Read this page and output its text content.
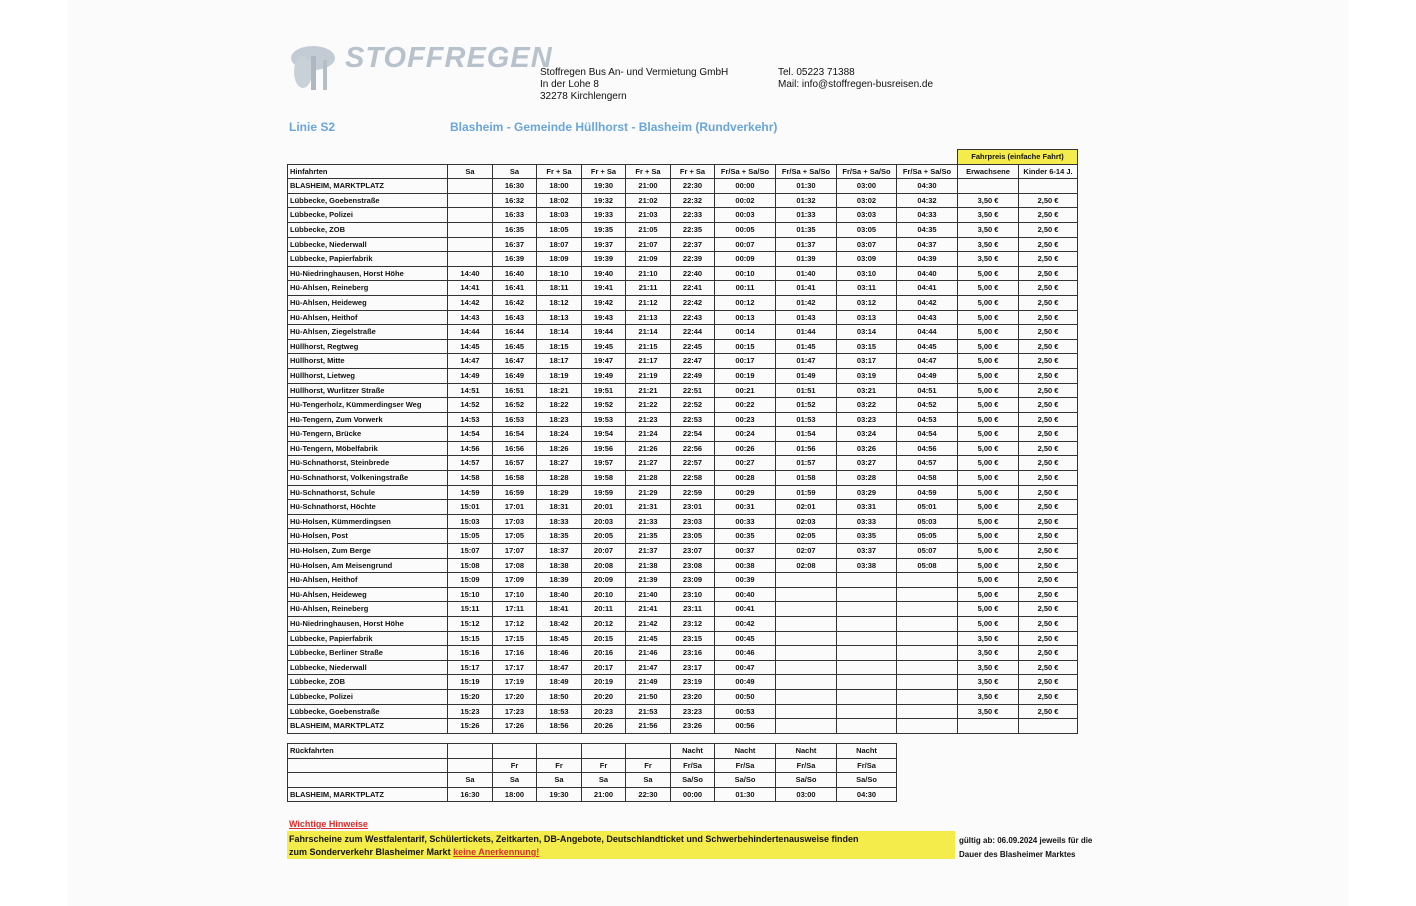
STOFFREGEN
Stoffregen Bus An- und Vermietung GmbH
In der Lohe 8
32278 Kirchlengern
Tel. 05223 71388
Mail: info@stoffregen-busreisen.de
Linie S2	Blasheim - Gemeinde Hüllhorst - Blasheim (Rundverkehr)
											Fahrpreis (einfache Fahrt)	
Hinfahrten	Sa	Sa	Fr + Sa	Fr + Sa	Fr + Sa	Fr + Sa	Fr/Sa + Sa/So	Fr/Sa + Sa/So	Fr/Sa + Sa/So	Fr/Sa + Sa/So	Erwachsene	Kinder 6-14 J.
BLASHEIM, MARKTPLATZ		16:30	18:00	19:30	21:00	22:30	00:00	01:30	03:00	04:30		
Lübbecke, Goebenstraße		16:32	18:02	19:32	21:02	22:32	00:02	01:32	03:02	04:32	3,50 €	2,50 €
Lübbecke, Polizei		16:33	18:03	19:33	21:03	22:33	00:03	01:33	03:03	04:33	3,50 €	2,50 €
Lübbecke, ZOB		16:35	18:05	19:35	21:05	22:35	00:05	01:35	03:05	04:35	3,50 €	2,50 €
Lübbecke, Niederwall		16:37	18:07	19:37	21:07	22:37	00:07	01:37	03:07	04:37	3,50 €	2,50 €
Lübbecke, Papierfabrik		16:39	18:09	19:39	21:09	22:39	00:09	01:39	03:09	04:39	3,50 €	2,50 €
Hü-Niedringhausen, Horst Höhe	14:40	16:40	18:10	19:40	21:10	22:40	00:10	01:40	03:10	04:40	5,00 €	2,50 €
Hü-Ahlsen, Reineberg	14:41	16:41	18:11	19:41	21:11	22:41	00:11	01:41	03:11	04:41	5,00 €	2,50 €
Hü-Ahlsen, Heideweg	14:42	16:42	18:12	19:42	21:12	22:42	00:12	01:42	03:12	04:42	5,00 €	2,50 €
Hü-Ahlsen, Heithof	14:43	16:43	18:13	19:43	21:13	22:43	00:13	01:43	03:13	04:43	5,00 €	2,50 €
Hü-Ahlsen, Ziegelstraße	14:44	16:44	18:14	19:44	21:14	22:44	00:14	01:44	03:14	04:44	5,00 €	2,50 €
Hüllhorst, Regtweg	14:45	16:45	18:15	19:45	21:15	22:45	00:15	01:45	03:15	04:45	5,00 €	2,50 €
Hüllhorst, Mitte	14:47	16:47	18:17	19:47	21:17	22:47	00:17	01:47	03:17	04:47	5,00 €	2,50 €
Hüllhorst, Lietweg	14:49	16:49	18:19	19:49	21:19	22:49	00:19	01:49	03:19	04:49	5,00 €	2,50 €
Hüllhorst, Wurlitzer Straße	14:51	16:51	18:21	19:51	21:21	22:51	00:21	01:51	03:21	04:51	5,00 €	2,50 €
Hü-Tengerholz, Kümmerdingser Weg	14:52	16:52	18:22	19:52	21:22	22:52	00:22	01:52	03:22	04:52	5,00 €	2,50 €
Hü-Tengern, Zum Vorwerk	14:53	16:53	18:23	19:53	21:23	22:53	00:23	01:53	03:23	04:53	5,00 €	2,50 €
Hü-Tengern, Brücke	14:54	16:54	18:24	19:54	21:24	22:54	00:24	01:54	03:24	04:54	5,00 €	2,50 €
Hü-Tengern, Möbelfabrik	14:56	16:56	18:26	19:56	21:26	22:56	00:26	01:56	03:26	04:56	5,00 €	2,50 €
Hü-Schnathorst, Steinbrede	14:57	16:57	18:27	19:57	21:27	22:57	00:27	01:57	03:27	04:57	5,00 €	2,50 €
Hü-Schnathorst, Volkeningstraße	14:58	16:58	18:28	19:58	21:28	22:58	00:28	01:58	03:28	04:58	5,00 €	2,50 €
Hü-Schnathorst, Schule	14:59	16:59	18:29	19:59	21:29	22:59	00:29	01:59	03:29	04:59	5,00 €	2,50 €
Hü-Schnathorst, Höchte	15:01	17:01	18:31	20:01	21:31	23:01	00:31	02:01	03:31	05:01	5,00 €	2,50 €
Hü-Holsen, Kümmerdingsen	15:03	17:03	18:33	20:03	21:33	23:03	00:33	02:03	03:33	05:03	5,00 €	2,50 €
Hü-Holsen, Post	15:05	17:05	18:35	20:05	21:35	23:05	00:35	02:05	03:35	05:05	5,00 €	2,50 €
Hü-Holsen, Zum Berge	15:07	17:07	18:37	20:07	21:37	23:07	00:37	02:07	03:37	05:07	5,00 €	2,50 €
Hü-Holsen, Am Meisengrund	15:08	17:08	18:38	20:08	21:38	23:08	00:38	02:08	03:38	05:08	5,00 €	2,50 €
Hü-Ahlsen, Heithof	15:09	17:09	18:39	20:09	21:39	23:09	00:39				5,00 €	2,50 €
Hü-Ahlsen, Heideweg	15:10	17:10	18:40	20:10	21:40	23:10	00:40				5,00 €	2,50 €
Hü-Ahlsen, Reineberg	15:11	17:11	18:41	20:11	21:41	23:11	00:41				5,00 €	2,50 €
Hü-Niedringhausen, Horst Höhe	15:12	17:12	18:42	20:12	21:42	23:12	00:42				5,00 €	2,50 €
Lübbecke, Papierfabrik	15:15	17:15	18:45	20:15	21:45	23:15	00:45				3,50 €	2,50 €
Lübbecke, Berliner Straße	15:16	17:16	18:46	20:16	21:46	23:16	00:46				3,50 €	2,50 €
Lübbecke, Niederwall	15:17	17:17	18:47	20:17	21:47	23:17	00:47				3,50 €	2,50 €
Lübbecke, ZOB	15:19	17:19	18:49	20:19	21:49	23:19	00:49				3,50 €	2,50 €
Lübbecke, Polizei	15:20	17:20	18:50	20:20	21:50	23:20	00:50				3,50 €	2,50 €
Lübbecke, Goebenstraße	15:23	17:23	18:53	20:23	21:53	23:23	00:53				3,50 €	2,50 €
BLASHEIM, MARKTPLATZ	15:26	17:26	18:56	20:26	21:56	23:26	00:56					
Rückfahrten						Nacht	Nacht	Nacht	Nacht
		Fr	Fr	Fr	Fr	Fr/Sa	Fr/Sa	Fr/Sa	Fr/Sa
	Sa	Sa	Sa	Sa	Sa	Sa/So	Sa/So	Sa/So	Sa/So
BLASHEIM, MARKTPLATZ	16:30	18:00	19:30	21:00	22:30	00:00	01:30	03:00	04:30
Wichtige Hinweise
Fahrscheine zum Westfalentarif, Schülertickets, Zeitkarten, DB-Angebote, Deutschlandticket und Schwerbehindertenausweise finden
zum Sonderverkehr Blasheimer Markt keine Anerkennung!
gültig ab: 06.09.2024 jeweils für die
Dauer des Blasheimer Marktes
